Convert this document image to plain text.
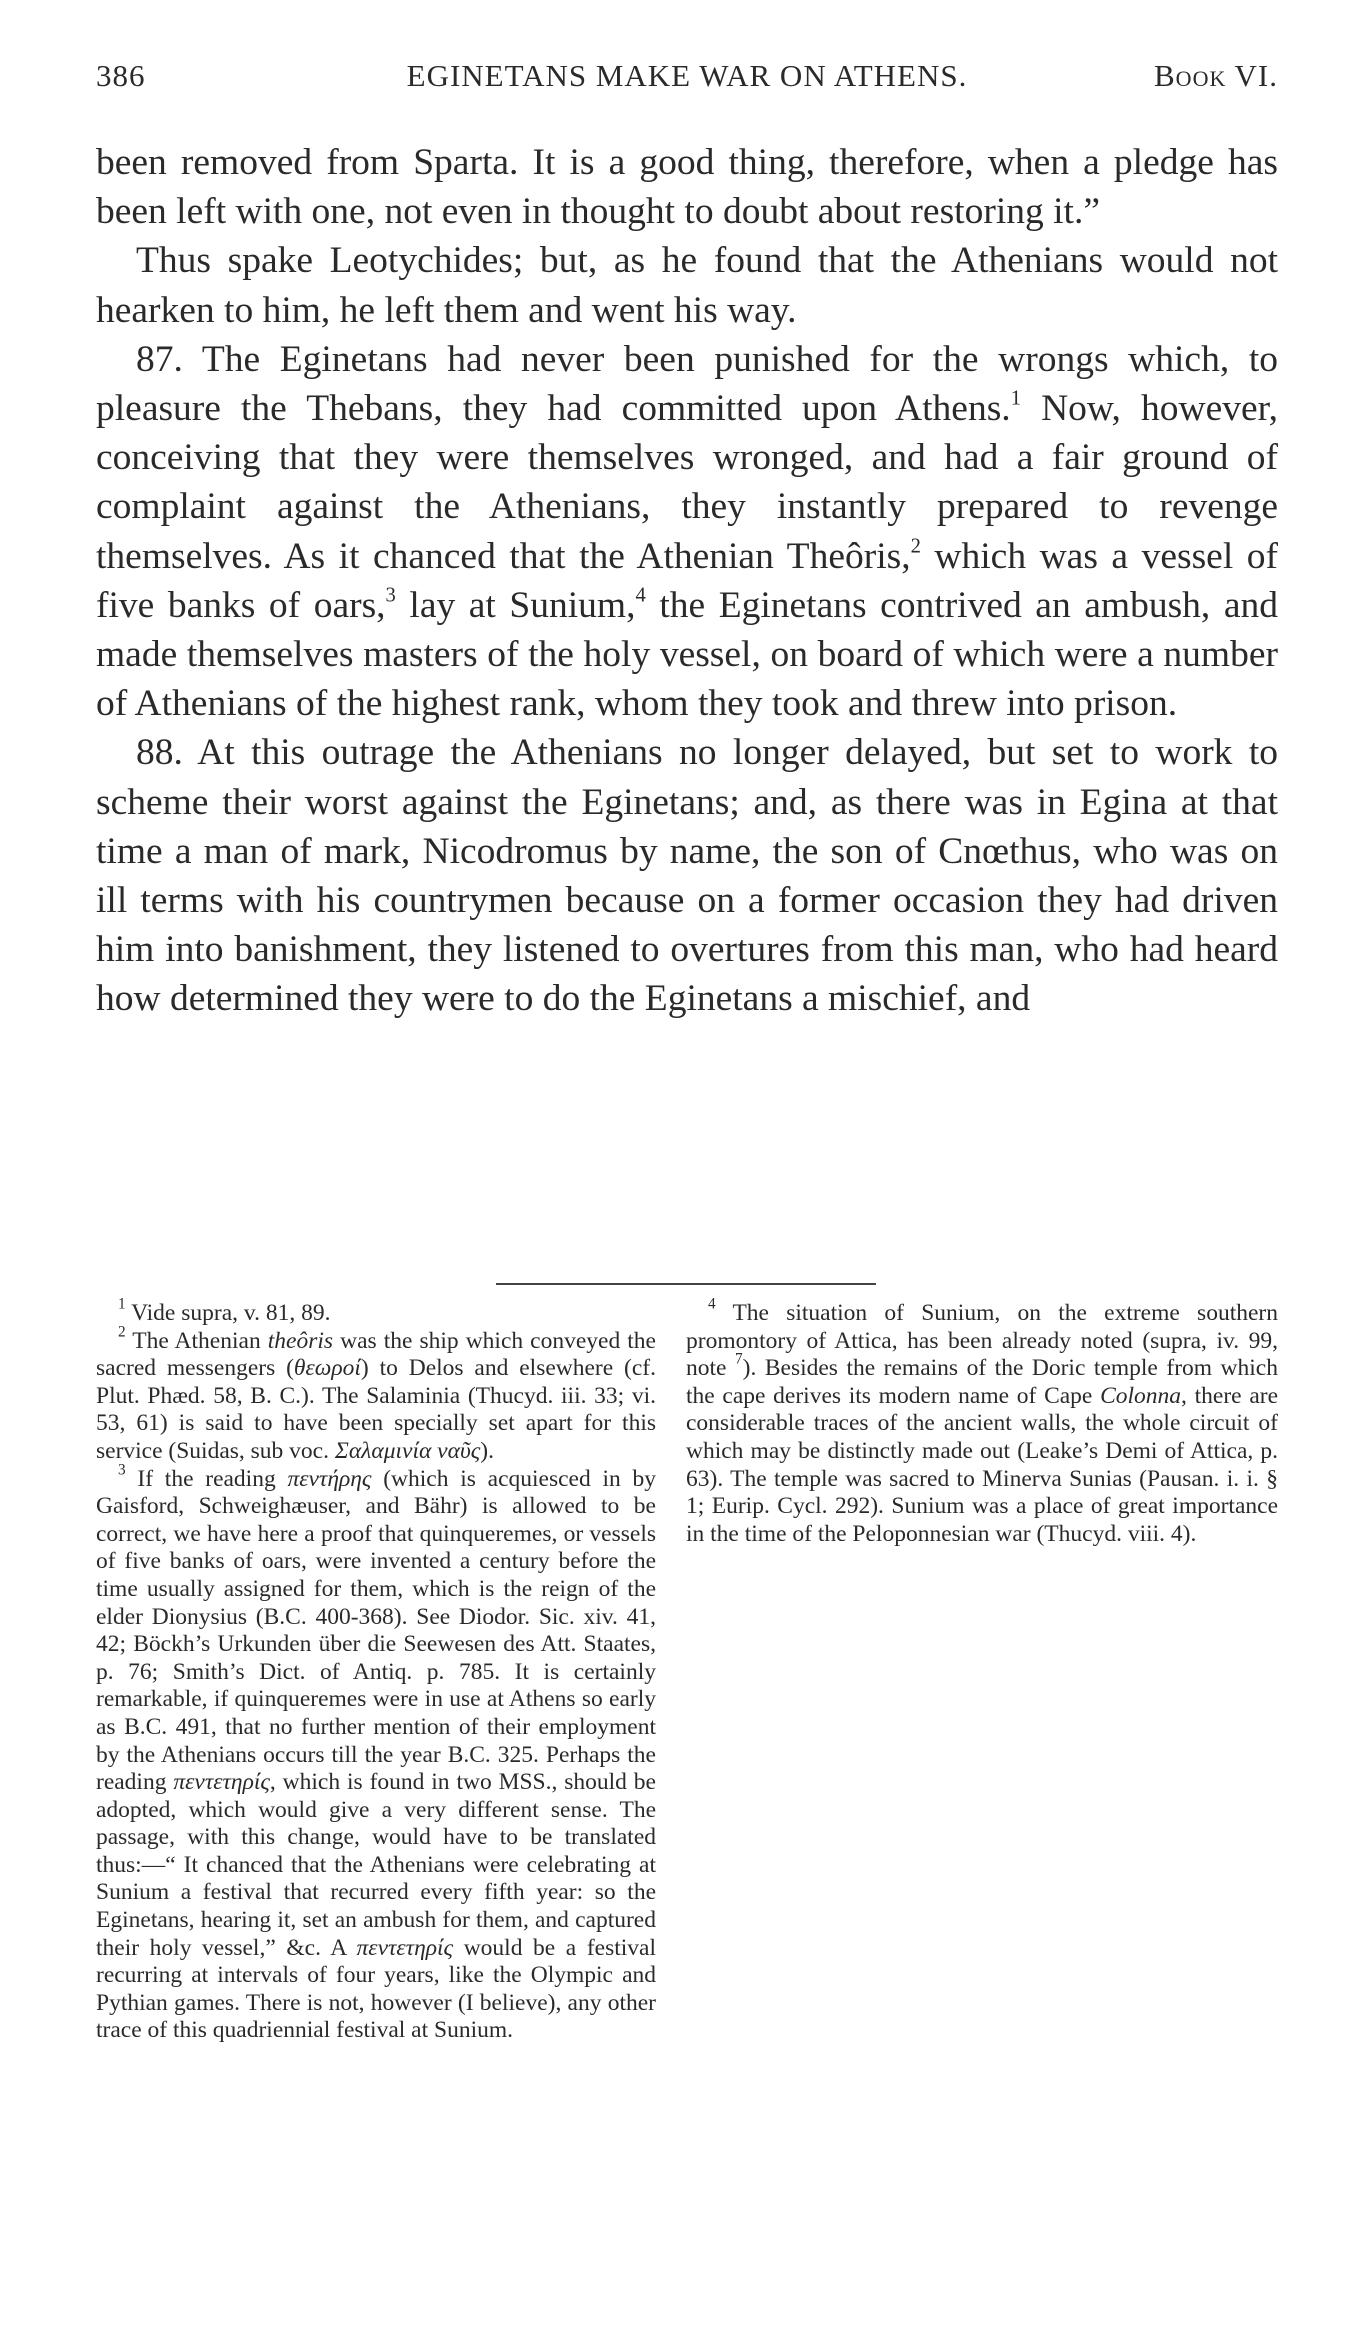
386	EGINETANS MAKE WAR ON ATHENS.	Book VI.

been removed from Sparta. It is a good thing, therefore, when a pledge has been left with one, not even in thought to doubt about restoring it.”

Thus spake Leotychides; but, as he found that the Athenians would not hearken to him, he left them and went his way.

87. The Eginetans had never been punished for the wrongs which, to pleasure the Thebans, they had committed upon Athens.$^1$ Now, however, conceiving that they were themselves wronged, and had a fair ground of complaint against the Athenians, they instantly prepared to revenge themselves. As it chanced that the Athenian Theôris,$^2$ which was a vessel of five banks of oars,$^3$ lay at Sunium,$^4$ the Eginetans contrived an ambush, and made themselves masters of the holy vessel, on board of which were a number of Athenians of the highest rank, whom they took and threw into prison.

88. At this outrage the Athenians no longer delayed, but set to work to scheme their worst against the Eginetans; and, as there was in Egina at that time a man of mark, Nicodromus by name, the son of Cnœthus, who was on ill terms with his countrymen because on a former occasion they had driven him into banishment, they listened to overtures from this man, who had heard how determined they were to do the Eginetans a mischief, and

$^1$ Vide supra, v. 81, 89.

$^2$ The Athenian theôris was the ship which conveyed the sacred messengers (θεωροί) to Delos and elsewhere (cf. Plut. Phæd. 58, B. C.). The Salaminia (Thucyd. iii. 33; vi. 53, 61) is said to have been specially set apart for this service (Suidas, sub voc. Σαλαμινία ναῦς).

$^3$ If the reading πεντήρης (which is acquiesced in by Gaisford, Schweighæuser, and Bähr) is allowed to be correct, we have here a proof that quinqueremes, or vessels of five banks of oars, were invented a century before the time usually assigned for them, which is the reign of the elder Dionysius (B.C. 400-368). See Diodor. Sic. xiv. 41, 42; Böckh’s Urkunden über die Seewesen des Att. Staates, p. 76; Smith’s Dict. of Antiq. p. 785. It is certainly remarkable, if quinqueremes were in use at Athens so early as B.C. 491, that no further mention of their employment by the Athenians occurs till the year B.C. 325. Perhaps the reading πεντετηρίς, which is found in two MSS., should be adopted, which would give a very different sense. The passage, with this change, would have to be translated thus:—“ It chanced that the Athenians were celebrating at Sunium a festival that recurred every fifth year: so the Eginetans, hearing it, set an ambush for them, and captured their holy vessel,” &c. A πεντετηρίς would be a festival recurring at intervals of four years, like the Olympic and Pythian games. There is not, however (I believe), any other trace of this quadriennial festival at Sunium.

$^4$ The situation of Sunium, on the extreme southern promontory of Attica, has been already noted (supra, iv. 99, note $^7$). Besides the remains of the Doric temple from which the cape derives its modern name of Cape Colonna, there are considerable traces of the ancient walls, the whole circuit of which may be distinctly made out (Leake’s Demi of Attica, p. 63). The temple was sacred to Minerva Sunias (Pausan. i. i. § 1; Eurip. Cycl. 292). Sunium was a place of great importance in the time of the Peloponnesian war (Thucyd. viii. 4).
